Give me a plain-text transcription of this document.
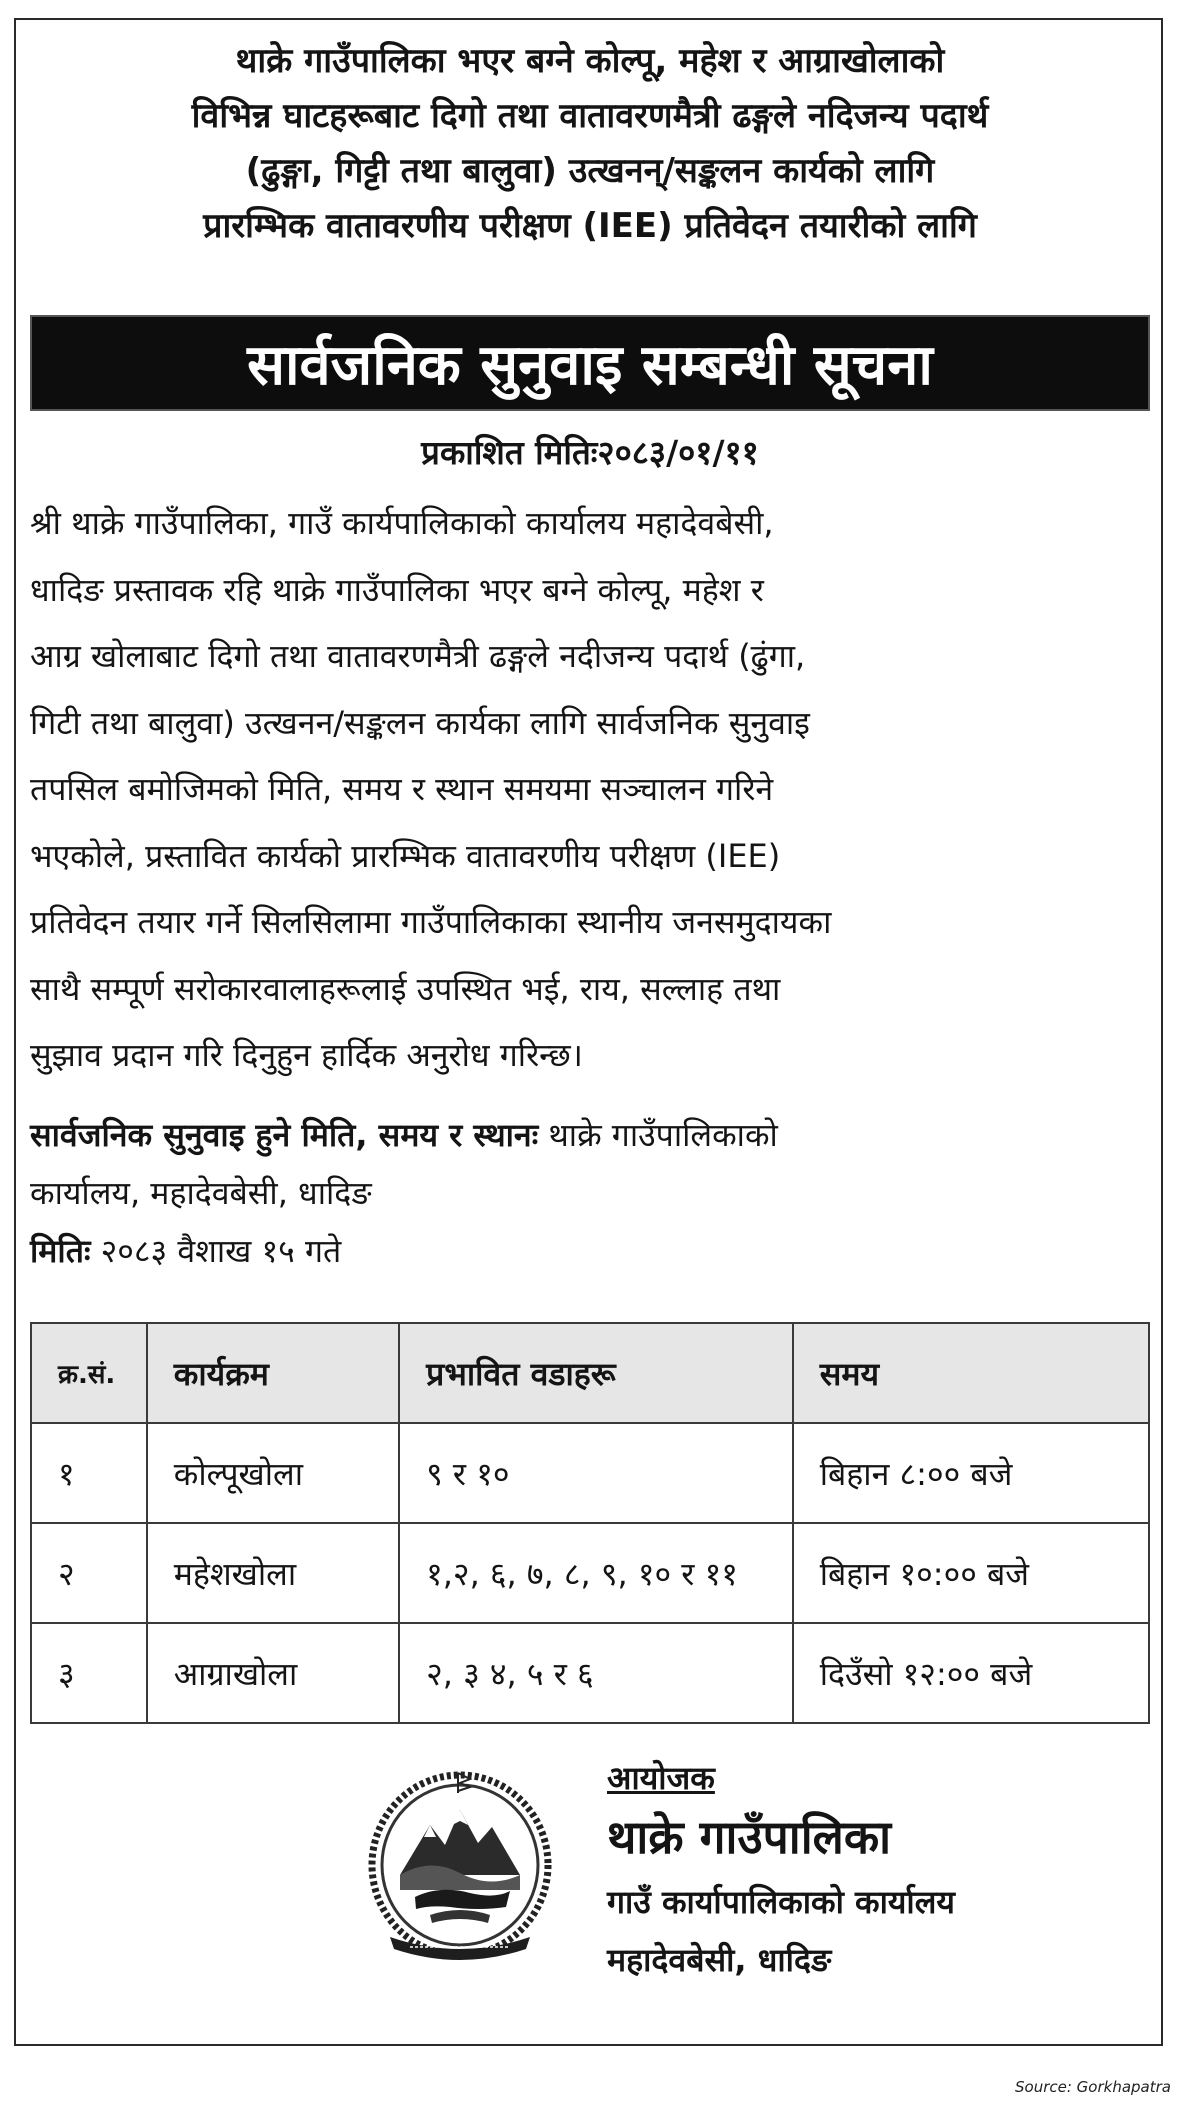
थाक्रे गाउँपालिका भएर बग्ने कोल्पू, महेश र आग्राखोलाको
विभिन्न घाटहरूबाट दिगो तथा वातावरणमैत्री ढङ्गले नदिजन्य पदार्थ
(ढुङ्गा, गिट्टी तथा बालुवा) उत्खनन्/सङ्कलन कार्यको लागि
प्रारम्भिक वातावरणीय परीक्षण (IEE) प्रतिवेदन तयारीको लागि
सार्वजनिक सुनुवाइ सम्बन्धी सूचना
प्रकाशित मितिः२०८३/०१/११
श्री थाक्रे गाउँपालिका, गाउँ कार्यपालिकाको कार्यालय महादेवबेसी,
धादिङ प्रस्तावक रहि थाक्रे गाउँपालिका भएर बग्ने कोल्पू, महेश र
आग्र खोलाबाट दिगो तथा वातावरणमैत्री ढङ्गले नदीजन्य पदार्थ (ढुंगा,
गिटी तथा बालुवा) उत्खनन/सङ्कलन कार्यका लागि सार्वजनिक सुनुवाइ
तपसिल बमोजिमको मिति, समय र स्थान समयमा सञ्चालन गरिने
भएकोले, प्रस्तावित कार्यको प्रारम्भिक वातावरणीय परीक्षण (IEE)
प्रतिवेदन तयार गर्ने सिलसिलामा गाउँपालिकाका स्थानीय जनसमुदायका
साथै सम्पूर्ण सरोकारवालाहरूलाई उपस्थित भई, राय, सल्लाह तथा
सुझाव प्रदान गरि दिनुहुन हार्दिक अनुरोध गरिन्छ।
सार्वजनिक सुनुवाइ हुने मिति, समय र स्थानः थाक्रे गाउँपालिकाको
कार्यालय, महादेवबेसी, धादिङ
मितिः २०८३ वैशाख १५ गते
क्र.सं.	कार्यक्रम	प्रभावित वडाहरू	समय
१	कोल्पूखोला	९ र १०	बिहान ८:०० बजे
२	महेशखोला	१,२, ६, ७, ८, ९, १० र ११	बिहान १०:०० बजे
३	आग्राखोला	२, ३ ४, ५ र ६	दिउँसो १२:०० बजे
आयोजक
थाक्रे गाउँपालिका
गाउँ कार्यापालिकाको कार्यालय
महादेवबेसी, धादिङ
Source: Gorkhapatra
